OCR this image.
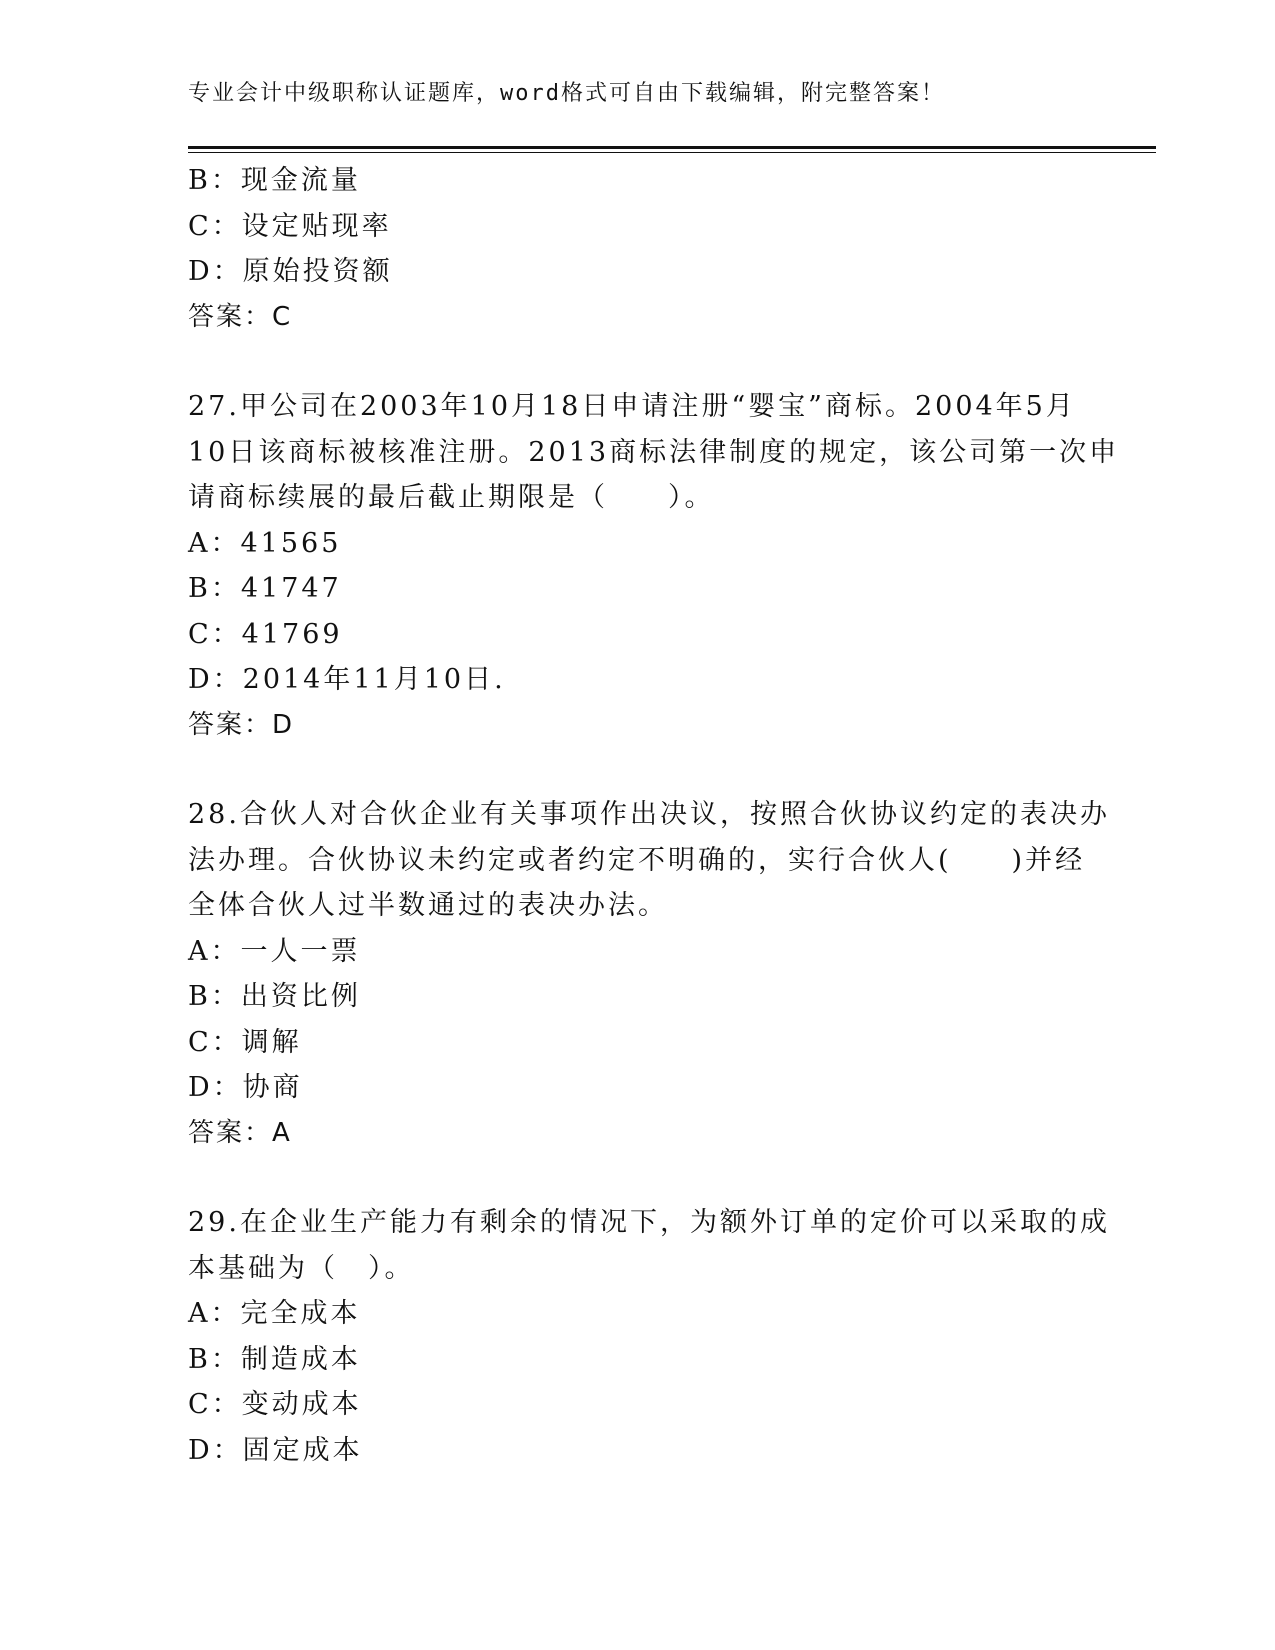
专业会计中级职称认证题库，word格式可自由下载编辑，附完整答案！
B：现金流量
C：设定贴现率
D：原始投资额
答案：C
27.甲公司在2003年10月18日申请注册“婴宝”商标。2004年5月
10日该商标被核准注册。2013商标法律制度的规定，该公司第一次申
请商标续展的最后截止期限是（　　）。
A：41565
B：41747
C：41769
D：2014年11月10日.
答案：D
28.合伙人对合伙企业有关事项作出决议，按照合伙协议约定的表决办
法办理。合伙协议未约定或者约定不明确的，实行合伙人(　　)并经
全体合伙人过半数通过的表决办法。
A：一人一票
B：出资比例
C：调解
D：协商
答案：A
29.在企业生产能力有剩余的情况下，为额外订单的定价可以采取的成
本基础为（　）。
A：完全成本
B：制造成本
C：变动成本
D：固定成本
